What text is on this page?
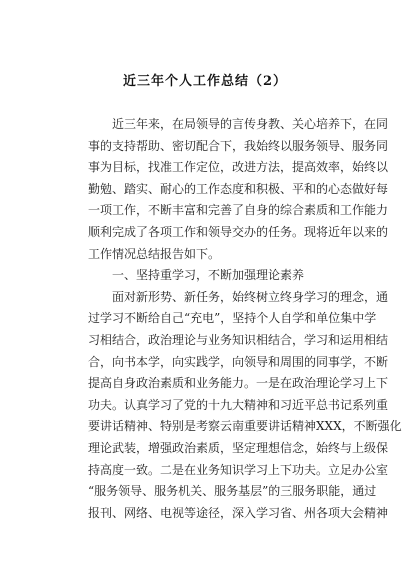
近三年个人工作总结（2）
近三年来，在局领导的言传身教、关心培养下，在同
事的支持帮助、密切配合下，我始终以服务领导、服务同
事为目标，找准工作定位，改进方法，提高效率，始终以
勤勉、踏实、耐心的工作态度和积极、平和的心态做好每
一项工作，不断丰富和完善了自身的综合素质和工作能力
顺利完成了各项工作和领导交办的任务。现将近年以来的
工作情况总结报告如下。
一、坚持重学习，不断加强理论素养
面对新形势、新任务，始终树立终身学习的理念，通
过学习不断给自己“充电”，坚持个人自学和单位集中学
习相结合，政治理论与业务知识相结合，学习和运用相结
合，向书本学，向实践学，向领导和周围的同事学，不断
提高自身政治素质和业务能力。一是在政治理论学习上下
功夫。认真学习了党的十九大精神和习近平总书记系列重
要讲话精神、特别是考察云南重要讲话精神XXX，不断强化
理论武装，增强政治素质，坚定理想信念，始终与上级保
持高度一致。二是在业务知识学习上下功夫。立足办公室
“服务领导、服务机关、服务基层”的三服务职能，通过
报刊、网络、电视等途径，深入学习省、州各项大会精神
